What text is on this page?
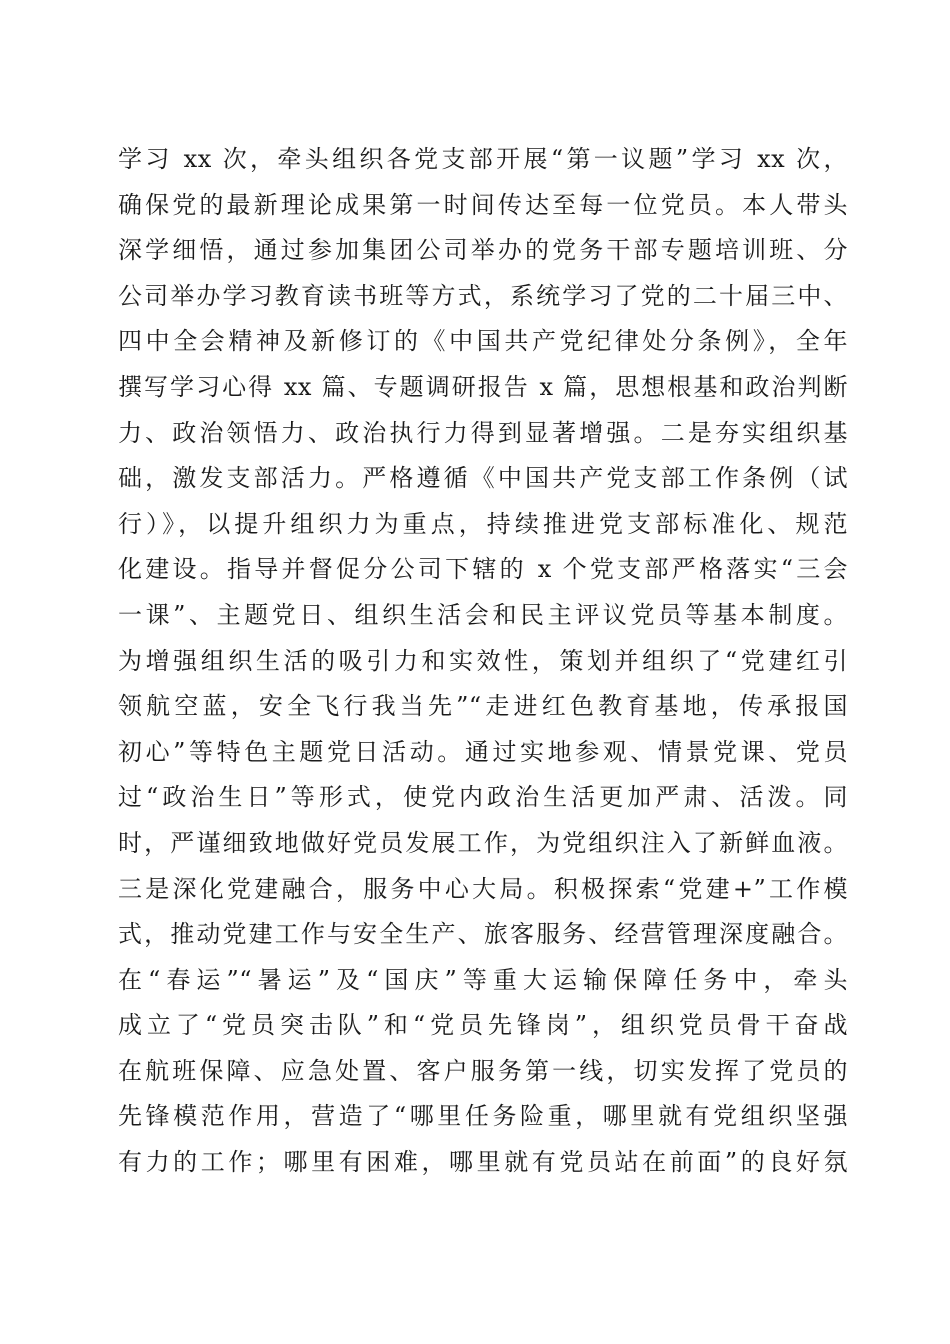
学习 xx 次，牵头组织各党支部开展“第一议题”学习 xx 次，
确保党的最新理论成果第一时间传达至每一位党员。本人带头
深学细悟，通过参加集团公司举办的党务干部专题培训班、分
公司举办学习教育读书班等方式，系统学习了党的二十届三中、
四中全会精神及新修订的《中国共产党纪律处分条例》，全年
撰写学习心得 xx 篇、专题调研报告 x 篇，思想根基和政治判断
力、政治领悟力、政治执行力得到显著增强。二是夯实组织基
础，激发支部活力。严格遵循《中国共产党支部工作条例（试
行）》，以提升组织力为重点，持续推进党支部标准化、规范
化建设。指导并督促分公司下辖的 x 个党支部严格落实“三会
一课”、主题党日、组织生活会和民主评议党员等基本制度。
为增强组织生活的吸引力和实效性，策划并组织了“党建红引
领航空蓝，安全飞行我当先”“走进红色教育基地，传承报国
初心”等特色主题党日活动。通过实地参观、情景党课、党员
过“政治生日”等形式，使党内政治生活更加严肃、活泼。同
时，严谨细致地做好党员发展工作，为党组织注入了新鲜血液。
三是深化党建融合，服务中心大局。积极探索“党建+”工作模
式，推动党建工作与安全生产、旅客服务、经营管理深度融合。
在“春运”“暑运”及“国庆”等重大运输保障任务中，牵头
成立了“党员突击队”和“党员先锋岗”，组织党员骨干奋战
在航班保障、应急处置、客户服务第一线，切实发挥了党员的
先锋模范作用，营造了“哪里任务险重，哪里就有党组织坚强
有力的工作；哪里有困难，哪里就有党员站在前面”的良好氛
